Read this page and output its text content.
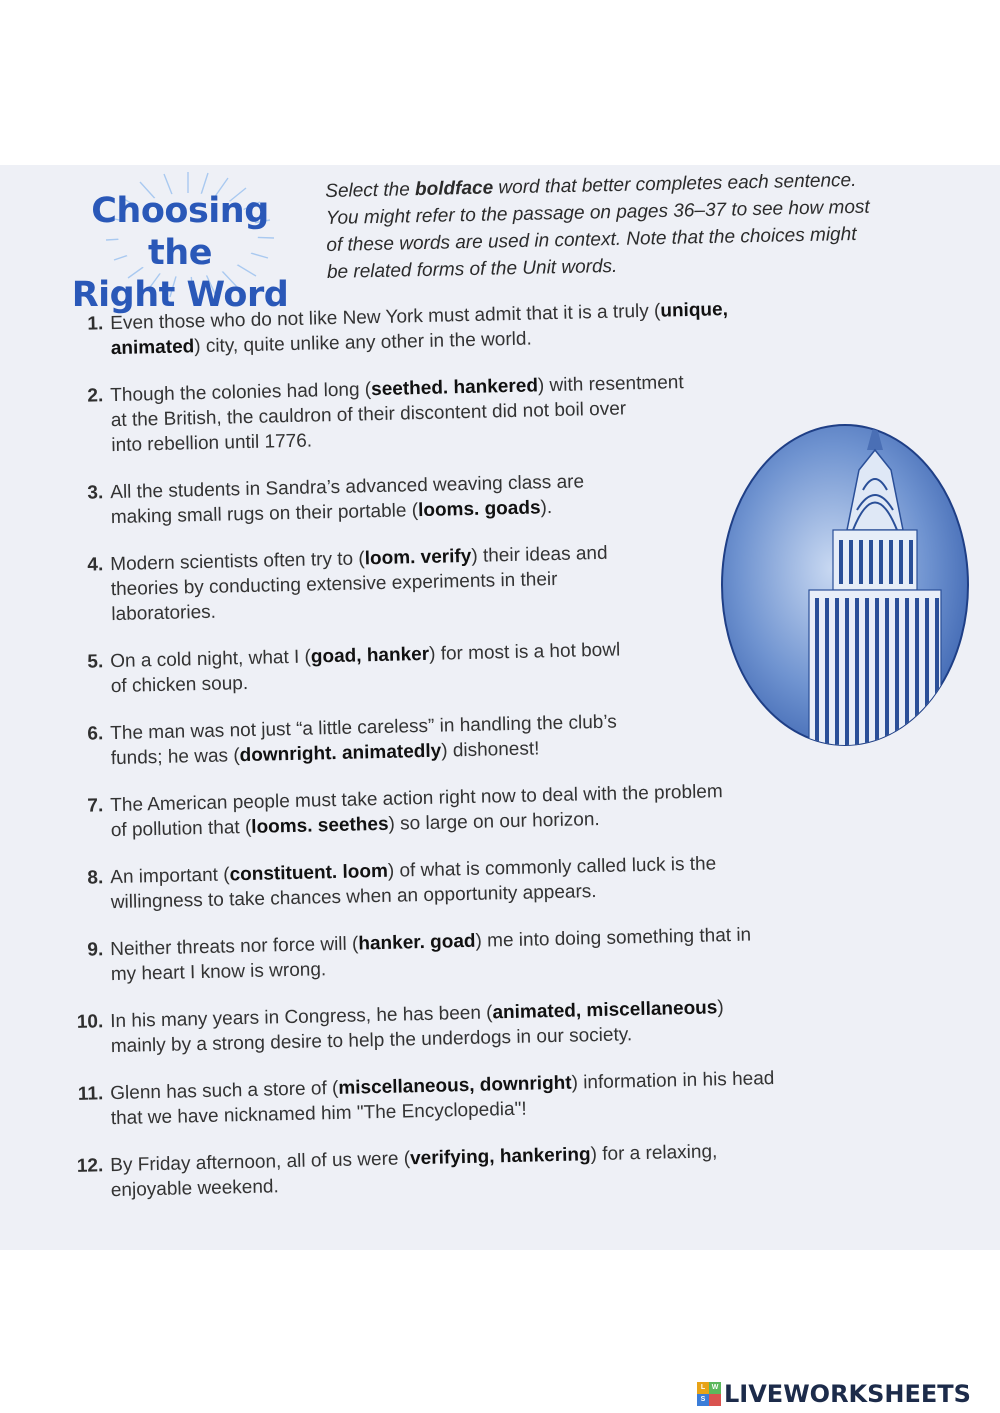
Choosing the
Right Word
Select the boldface word that better completes each sentence.
You might refer to the passage on pages 36–37 to see how most
of these words are used in context. Note that the choices might
be related forms of the Unit words.
1. Even those who do not like New York must admit that it is a truly (unique,
animated) city, quite unlike any other in the world.
2. Though the colonies had long (seethed. hankered) with resentment
at the British, the cauldron of their discontent did not boil over
into rebellion until 1776.
3. All the students in Sandra’s advanced weaving class are
making small rugs on their portable (looms. goads).
4. Modern scientists often try to (loom. verify) their ideas and
theories by conducting extensive experiments in their
laboratories.
5. On a cold night, what I (goad, hanker) for most is a hot bowl
of chicken soup.
6. The man was not just “a little careless” in handling the club’s
funds; he was (downright. animatedly) dishonest!
7. The American people must take action right now to deal with the problem
of pollution that (looms. seethes) so large on our horizon.
8. An important (constituent. loom) of what is commonly called luck is the
willingness to take chances when an opportunity appears.
9. Neither threats nor force will (hanker. goad) me into doing something that in
my heart I know is wrong.
10. In his many years in Congress, he has been (animated, miscellaneous)
mainly by a strong desire to help the underdogs in our society.
11. Glenn has such a store of (miscellaneous, downright) information in his head
that we have nicknamed him "The Encyclopedia"!
12. By Friday afternoon, all of us were (verifying, hankering) for a relaxing,
enjoyable weekend.
L W
S LIVEWORKSHEETS
